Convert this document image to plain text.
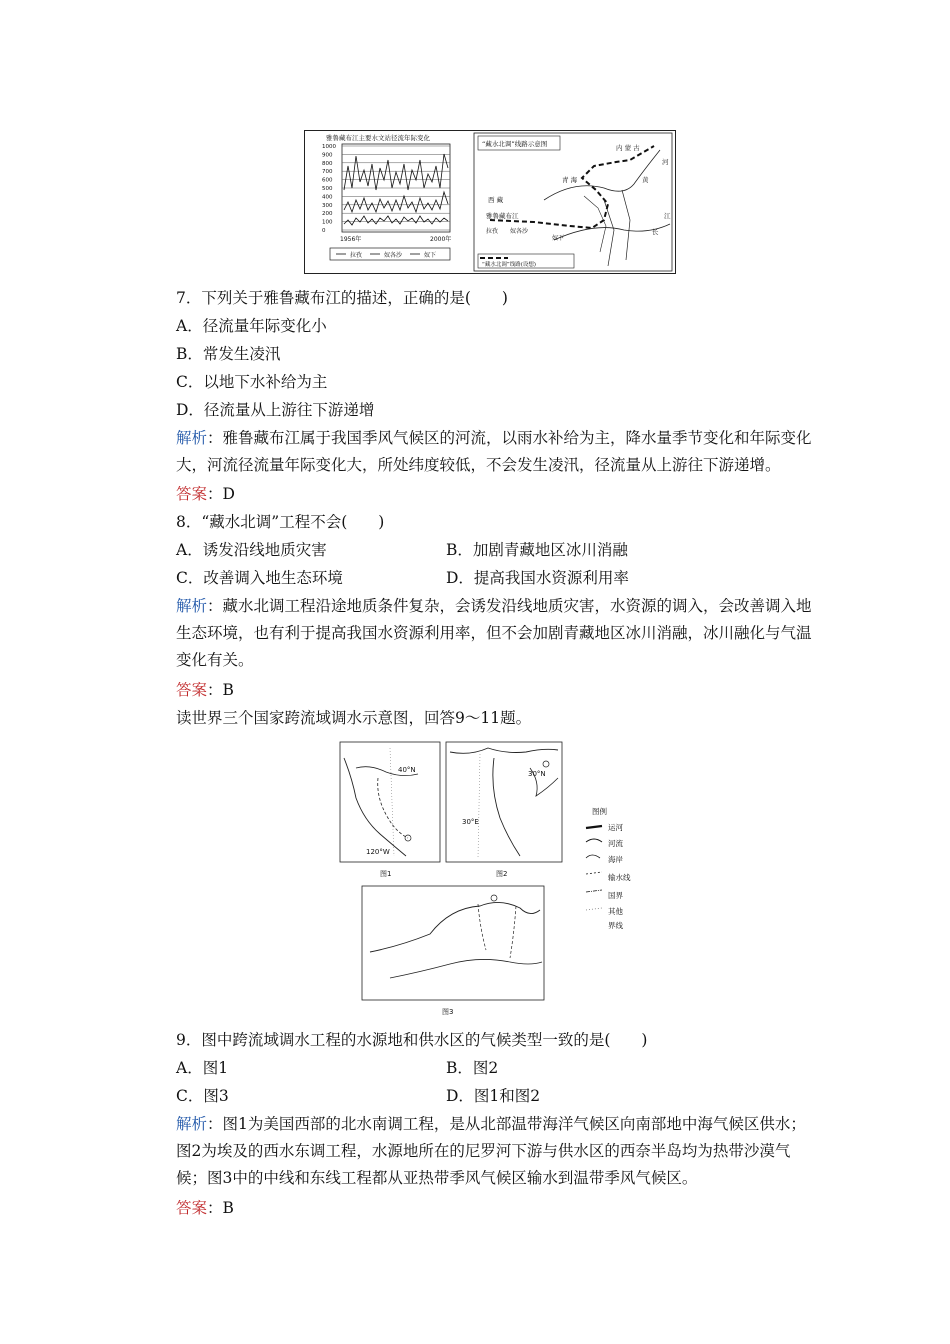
雅鲁藏布江主要水文站径流年际变化
1000
900
800
700
600
500
400
300
200
100
0
1956年	2000年
拉孜	奴各沙	奴下
“藏水北调”线路示意图	内 蒙 古
河
黄
青 海
西 藏
雅鲁藏布江
拉孜 奴各沙
奴下
江
长
“藏水北调”线路(设想)
7．下列关于雅鲁藏布江的描述，正确的是(　　)
A．径流量年际变化小
B．常发生凌汛
C．以地下水补给为主
D．径流量从上游往下游递增
解析：雅鲁藏布江属于我国季风气候区的河流，以雨水补给为主，降水量季节变化和年际变化大，河流径流量年际变化大，所处纬度较低，不会发生凌汛，径流量从上游往下游递增。
答案：D
8．“藏水北调”工程不会(　　)
A．诱发沿线地质灾害	B．加剧青藏地区冰川消融
C．改善调入地生态环境	D．提高我国水资源利用率
解析：藏水北调工程沿途地质条件复杂，会诱发沿线地质灾害，水资源的调入，会改善调入地生态环境，也有利于提高我国水资源利用率，但不会加剧青藏地区冰川消融，冰川融化与气温变化有关。
答案：B
读世界三个国家跨流域调水示意图，回答9～11题。
40°N
120°W
图1
30°N
30°E
图2
图3
图例
运河
河流
海岸
输水线
国界
其他
界线
9．图中跨流域调水工程的水源地和供水区的气候类型一致的是(　　)
A．图1	B．图2
C．图3	D．图1和图2
解析：图1为美国西部的北水南调工程，是从北部温带海洋气候区向南部地中海气候区供水；图2为埃及的西水东调工程，水源地所在的尼罗河下游与供水区的西奈半岛均为热带沙漠气候；图3中的中线和东线工程都从亚热带季风气候区输水到温带季风气候区。
答案：B
